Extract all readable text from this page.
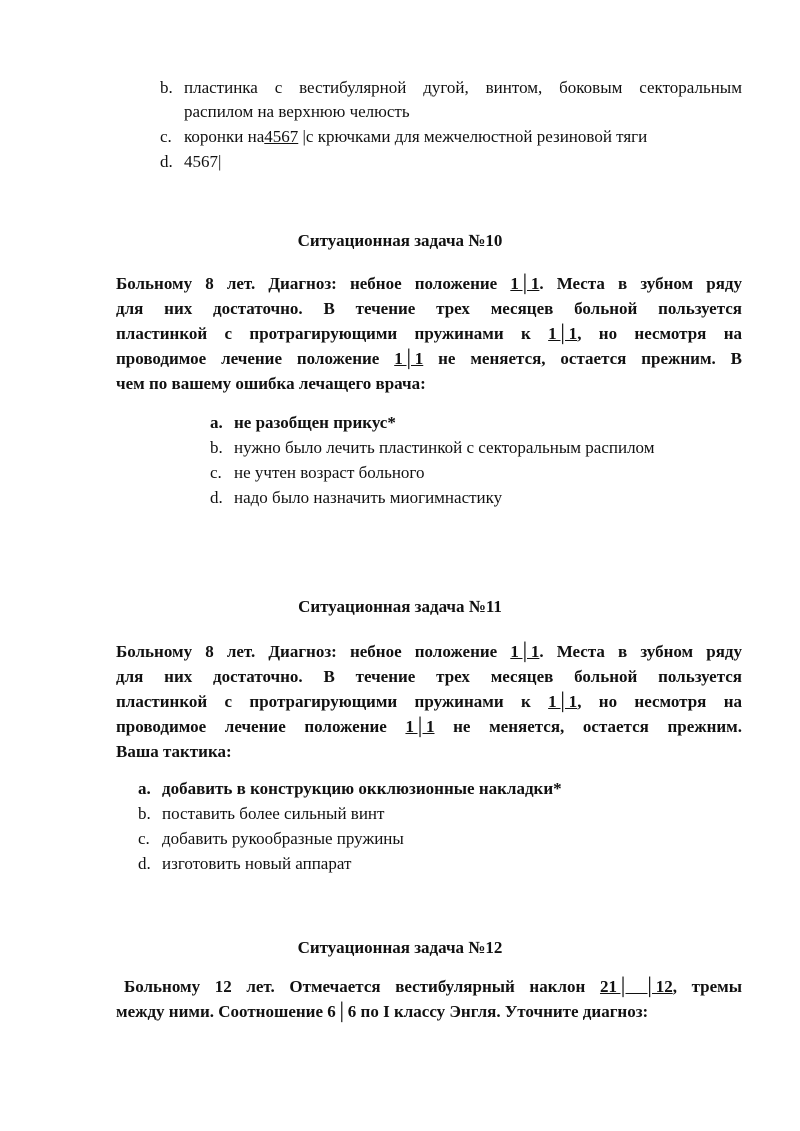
b. пластинка с вестибулярной дугой, винтом, боковым секторальным
распилом на верхнюю челюсть
c. коронки на4567 |с крючками для межчелюстной резиновой тяги
d. 4567|
Ситуационная задача №10
Больному 8 лет. Диагноз: небное положение 1│1. Места в зубном ряду
для них достаточно. В течение трех месяцев больной пользуется
пластинкой с протрагирующими пружинами к 1│1, но несмотря на
проводимое лечение положение 1│1 не меняется, остается прежним. В
чем по вашему ошибка лечащего врача:
a. не разобщен прикус*
b. нужно было лечить пластинкой с секторальным распилом
c. не учтен возраст больного
d. надо было назначить миогимнастику
Ситуационная задача №11
Больному 8 лет. Диагноз: небное положение 1│1. Места в зубном ряду
для них достаточно. В течение трех месяцев больной пользуется
пластинкой с протрагирующими пружинами к 1│1, но несмотря на
проводимое лечение положение 1│1 не меняется, остается прежним.
Ваша тактика:
a. добавить в конструкцию окклюзионные накладки*
b. поставить более сильный винт
c. добавить рукообразные пружины
d. изготовить новый аппарат
Ситуационная задача №12
Больному 12 лет. Отмечается вестибулярный наклон 21│ │12, тремы
между ними. Соотношение 6│6 по I классу Энгля. Уточните диагноз:
